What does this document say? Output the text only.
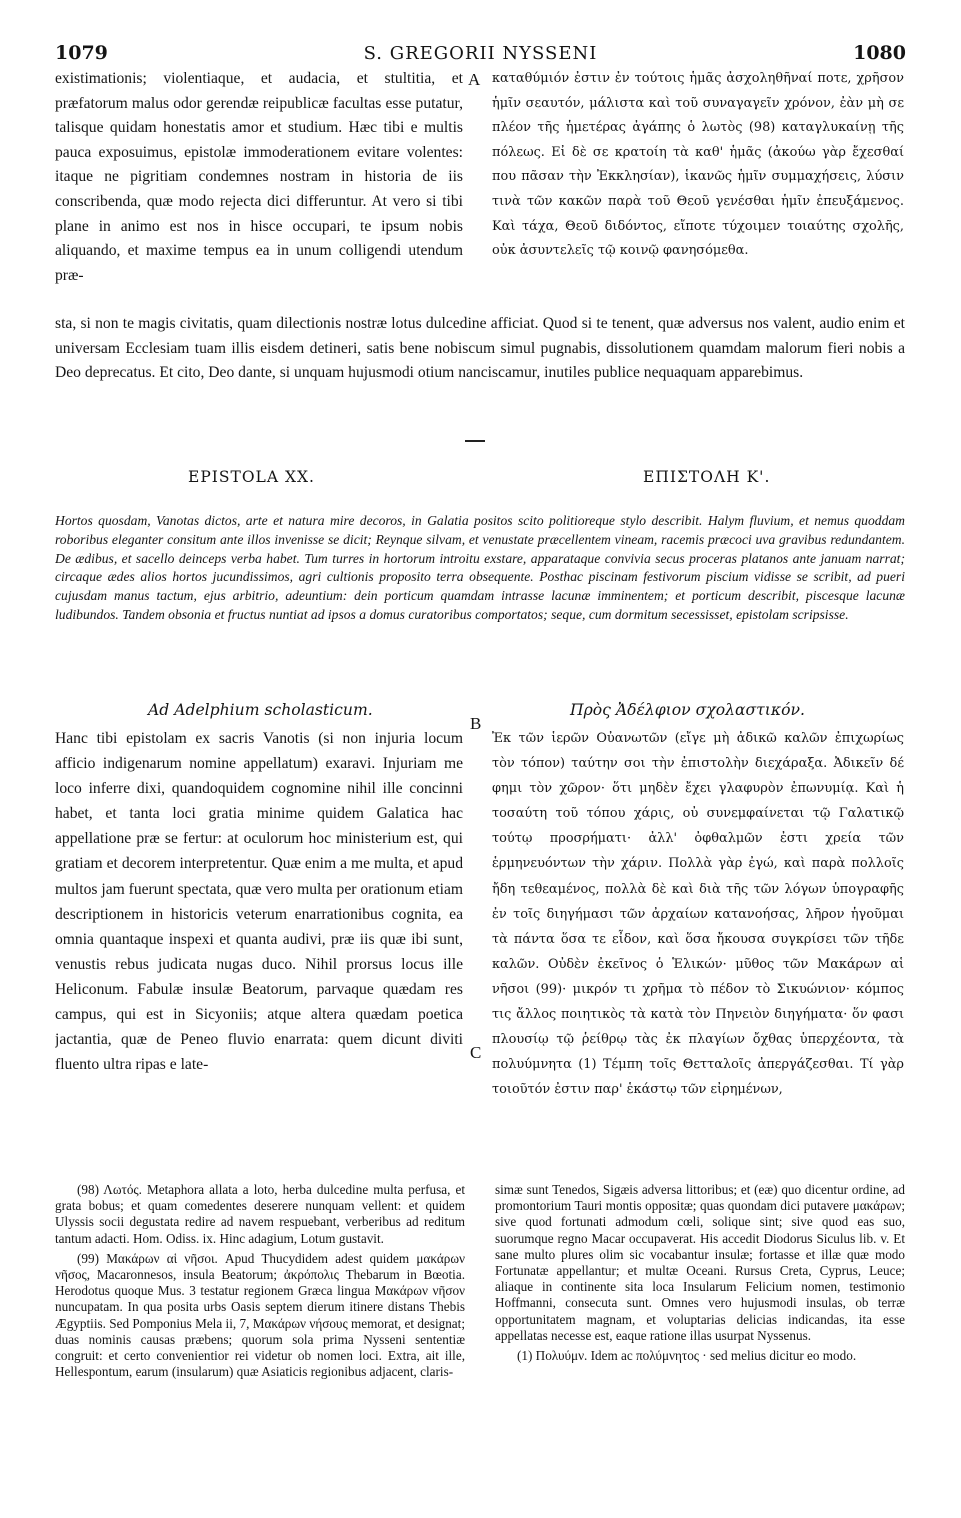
1079	S. GREGORII NYSSENI	1080
A
B
C
existimationis; violentiaque, et audacia, et stultitia, et præfatorum malus odor gerendæ reipublicæ facultas esse putatur, talisque quidam honestatis amor et studium. Hæc tibi e multis pauca exposuimus, epistolæ immoderationem evitare volentes: itaque ne pigritiam condemnes nostram in historia de iis conscribenda, quæ modo rejecta dici differuntur. At vero si tibi plane in animo est nos in hisce occupari, te ipsum nobis aliquando, et maxime tempus ea in unum colligendi utendum præ-
καταθύμιόν ἐστιν ἐν τούτοις ἡμᾶς ἀσχοληθῆναί ποτε, χρῆσον ἡμῖν σεαυτόν, μάλιστα καὶ τοῦ συναγαγεῖν χρόνον, ἐὰν μὴ σε πλέον τῆς ἡμετέρας ἀγάπης ὁ λωτὸς (98) καταγλυκαίνῃ τῆς πόλεως. Εἰ δὲ σε κρατοίη τὰ καθ' ἡμᾶς (ἀκούω γὰρ ἔχεσθαί που πᾶσαν τὴν Ἐκκλησίαν), ἱκανῶς ἡμῖν συμμαχήσεις, λύσιν τινὰ τῶν κακῶν παρὰ τοῦ Θεοῦ γενέσθαι ἡμῖν ἐπευξάμενος. Καὶ τάχα, Θεοῦ διδόντος, εἴποτε τύχοιμεν τοιαύτης σχολῆς, οὐκ ἀσυντελεῖς τῷ κοινῷ φανησόμεθα.
sta, si non te magis civitatis, quam dilectionis nostræ lotus dulcedine afficiat. Quod si te tenent, quæ adversus nos valent, audio enim et universam Ecclesiam tuam illis eisdem detineri, satis bene nobiscum simul pugnabis, dissolutionem quamdam malorum fieri nobis a Deo deprecatus. Et cito, Deo dante, si unquam hujusmodi otium nanciscamur, inutiles publice nequaquam apparebimus.
EPISTOLA XX.	ΕΠΙΣΤΟΛΗ Κ'.
Hortos quosdam, Vanotas dictos, arte et natura mire decoros, in Galatia positos scito politioreque stylo describit. Halym fluvium, et nemus quoddam roboribus eleganter consitum ante illos invenisse se dicit; Reynque silvam, et venustate præcellentem vineam, racemis præcoci uva gravibus redundantem. De ædibus, et sacello deinceps verba habet. Tum turres in hortorum introitu exstare, apparataque convivia secus proceras platanos ante januam narrat; circaque ædes alios hortos jucundissimos, agri cultionis proposito terra obsequente. Posthac piscinam festivorum piscium vidisse se scribit, ad pueri cujusdam manus tactum, ejus arbitrio, adeuntium: dein porticum quamdam intrasse lacunæ imminentem; et porticum describit, piscesque lacunæ ludibundos. Tandem obsonia et fructus nuntiat ad ipsos a domus curatoribus comportatos; seque, cum dormitum secessisset, epistolam scripsisse.
Ad Adelphium scholasticum.	Πρὸς Ἀδέλφιον σχολαστικόν.
Hanc tibi epistolam ex sacris Vanotis (si non injuria locum afficio indigenarum nomine appellatum) exaravi. Injuriam me loco inferre dixi, quandoquidem cognomine nihil ille concinni habet, et tanta loci gratia minime quidem Galatica hac appellatione præ se fertur: at oculorum hoc ministerium est, qui gratiam et decorem interpretentur. Quæ enim a me multa, et apud multos jam fuerunt spectata, quæ vero multa per orationum etiam descriptionem in historicis veterum enarrationibus cognita, ea omnia quantaque inspexi et quanta audivi, præ iis quæ ibi sunt, venustis rebus judicata nugas duco. Nihil prorsus locus ille Heliconum. Fabulæ insulæ Beatorum, parvaque quædam res campus, qui est in Sicyoniis; atque altera quædam poetica jactantia, quæ de Peneo fluvio enarrata: quem dicunt diviti fluento ultra ripas e late-
Ἐκ τῶν ἱερῶν Οὐανωτῶν (εἴγε μὴ ἀδικῶ καλῶν ἐπιχωρίως τὸν τόπον) ταύτην σοι τὴν ἐπιστολὴν διεχάραξα. Ἀδικεῖν δέ φημι τὸν χῶρον· ὅτι μηδὲν ἔχει γλαφυρὸν ἐπωνυμίᾳ. Καὶ ἡ τοσαύτη τοῦ τόπου χάρις, οὐ συνεμφαίνεται τῷ Γαλατικῷ τούτῳ προσρήματι· ἀλλ' ὀφθαλμῶν ἐστι χρεία τῶν ἑρμηνευόντων τὴν χάριν. Πολλὰ γὰρ ἐγώ, καὶ παρὰ πολλοῖς ἤδη τεθεαμένος, πολλὰ δὲ καὶ διὰ τῆς τῶν λόγων ὑπογραφῆς ἐν τοῖς διηγήμασι τῶν ἀρχαίων κατανοήσας, λῆρον ἡγοῦμαι τὰ πάντα ὅσα τε εἶδον, καὶ ὅσα ἤκουσα συγκρίσει τῶν τῆδε καλῶν. Οὐδὲν ἐκεῖνος ὁ Ἑλικών· μῦθος τῶν Μακάρων αἱ νῆσοι (99)· μικρόν τι χρῆμα τὸ πέδον τὸ Σικυώνιον· κόμπος τις ἄλλος ποιητικὸς τὰ κατὰ τὸν Πηνειὸν διηγήματα· ὅν φασι πλουσίῳ τῷ ῥείθρῳ τὰς ἐκ πλαγίων ὄχθας ὑπερχέοντα, τὰ πολυύμνητα (1) Τέμπη τοῖς Θετταλοῖς ἀπεργάζεσθαι. Τί γὰρ τοιοῦτόν ἐστιν παρ' ἑκάστῳ τῶν εἰρημένων,

(98) Λωτός. Metaphora allata a loto, herba dulcedine multa perfusa, et grata bobus; et quam comedentes deserere nunquam vellent: et quidem Ulyssis socii degustata redire ad navem respuebant, verberibus ad reditum tantum adacti. Hom. Odiss. ix. Hinc adagium, Lotum gustavit.

(99) Μακάρων αἱ νῆσοι. Apud Thucydidem adest quidem μακάρων νῆσος, Macaronnesos, insula Beatorum; ἀκρόπολις Thebarum in Bœotia. Herodotus quoque Mus. 3 testatur regionem Græca lingua Μακάρων νῆσον nuncupatam. In qua posita urbs Oasis septem dierum itinere distans Thebis Ægyptiis. Sed Pomponius Mela ii, 7, Μακάρων νήσους memorat, et designat; duas nominis causas præbens; quorum sola prima Nysseni sententiæ congruit: et certo convenientior rei videtur ob nomen loci. Extra, ait ille, Hellespontum, earum (insularum) quæ Asiaticis regionibus adjacent, claris-

simæ sunt Tenedos, Sigæis adversa littoribus; et (eæ) quo dicentur ordine, ad promontorium Tauri montis oppositæ; quas quondam dici putavere μακάρων; sive quod fortunati admodum cœli, solique sint; sive quod eas suo, suorumque regno Macar occupaverat. His accedit Diodorus Siculus lib. v. Et sane multo plures olim sic vocabantur insulæ; fortasse et illæ quæ modo Fortunatæ appellantur; et multæ Oceani. Rursus Creta, Cyprus, Leuce; aliaque in continente sita loca Insularum Felicium nomen, testimonio Hoffmanni, consecuta sunt. Omnes vero hujusmodi insulas, ob terræ opportunitatem magnam, et voluptarias delicias indicandas, ita esse appellatas necesse est, eaque ratione illas usurpat Nyssenus.

(1) Πολυύμν. Idem ac πολύμνητος · sed melius dicitur eo modo.
